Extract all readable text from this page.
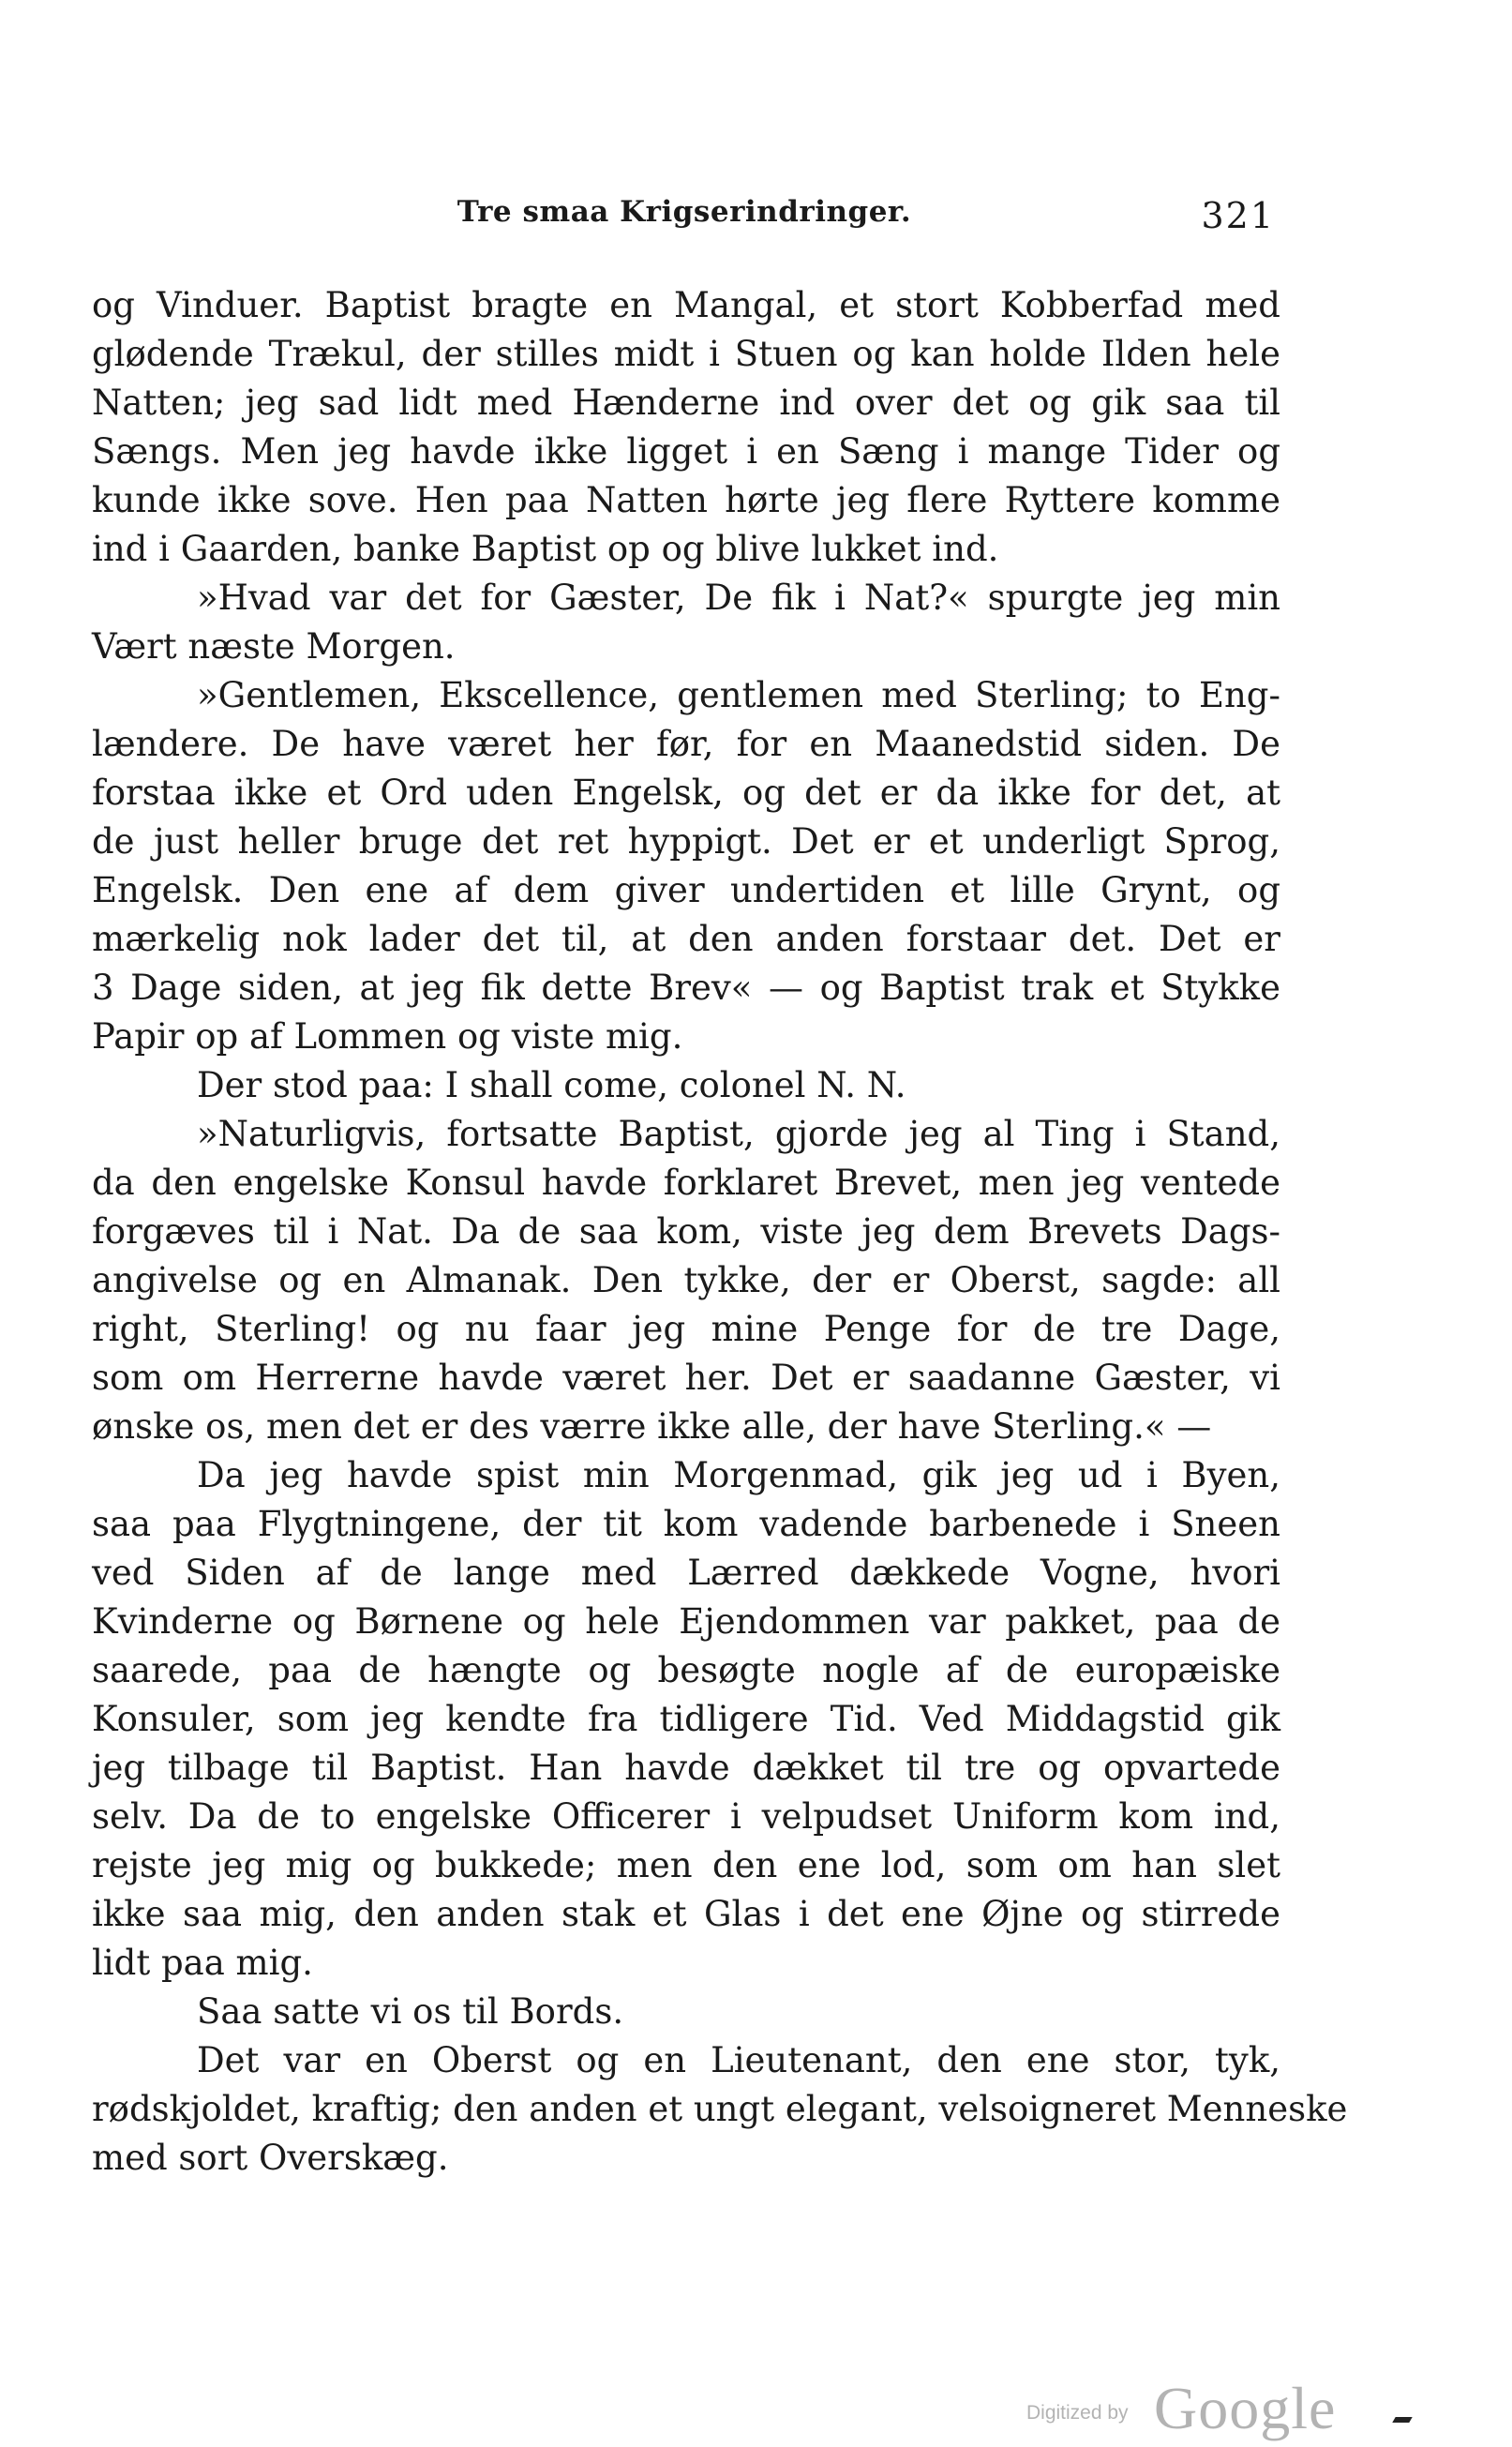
Tre smaa Krigserindringer.	321
og Vinduer. Baptist bragte en Mangal, et stort Kobberfad med
glødende Trækul, der stilles midt i Stuen og kan holde Ilden hele
Natten; jeg sad lidt med Hænderne ind over det og gik saa til
Sængs. Men jeg havde ikke ligget i en Sæng i mange Tider og
kunde ikke sove. Hen paa Natten hørte jeg flere Ryttere komme
ind i Gaarden, banke Baptist op og blive lukket ind.
»Hvad var det for Gæster, De fik i Nat?« spurgte jeg min
Vært næste Morgen.
»Gentlemen, Ekscellence, gentlemen med Sterling; to Eng-
lændere. De have været her før, for en Maanedstid siden. De
forstaa ikke et Ord uden Engelsk, og det er da ikke for det, at
de just heller bruge det ret hyppigt. Det er et underligt Sprog,
Engelsk. Den ene af dem giver undertiden et lille Grynt, og
mærkelig nok lader det til, at den anden forstaar det. Det er
3 Dage siden, at jeg fik dette Brev« — og Baptist trak et Stykke
Papir op af Lommen og viste mig.
Der stod paa: I shall come, colonel N. N.
»Naturligvis, fortsatte Baptist, gjorde jeg al Ting i Stand,
da den engelske Konsul havde forklaret Brevet, men jeg ventede
forgæves til i Nat. Da de saa kom, viste jeg dem Brevets Dags-
angivelse og en Almanak. Den tykke, der er Oberst, sagde: all
right, Sterling! og nu faar jeg mine Penge for de tre Dage,
som om Herrerne havde været her. Det er saadanne Gæster, vi
ønske os, men det er des værre ikke alle, der have Sterling.« —
Da jeg havde spist min Morgenmad, gik jeg ud i Byen,
saa paa Flygtningene, der tit kom vadende barbenede i Sneen
ved Siden af de lange med Lærred dækkede Vogne, hvori
Kvinderne og Børnene og hele Ejendommen var pakket, paa de
saarede, paa de hængte og besøgte nogle af de europæiske
Konsuler, som jeg kendte fra tidligere Tid. Ved Middagstid gik
jeg tilbage til Baptist. Han havde dækket til tre og opvartede
selv. Da de to engelske Officerer i velpudset Uniform kom ind,
rejste jeg mig og bukkede; men den ene lod, som om han slet
ikke saa mig, den anden stak et Glas i det ene Øjne og stirrede
lidt paa mig.
Saa satte vi os til Bords.
Det var en Oberst og en Lieutenant, den ene stor, tyk,
rødskjoldet, kraftig; den anden et ungt elegant, velsoigneret Menneske
med sort Overskæg.
Digitized by Google
